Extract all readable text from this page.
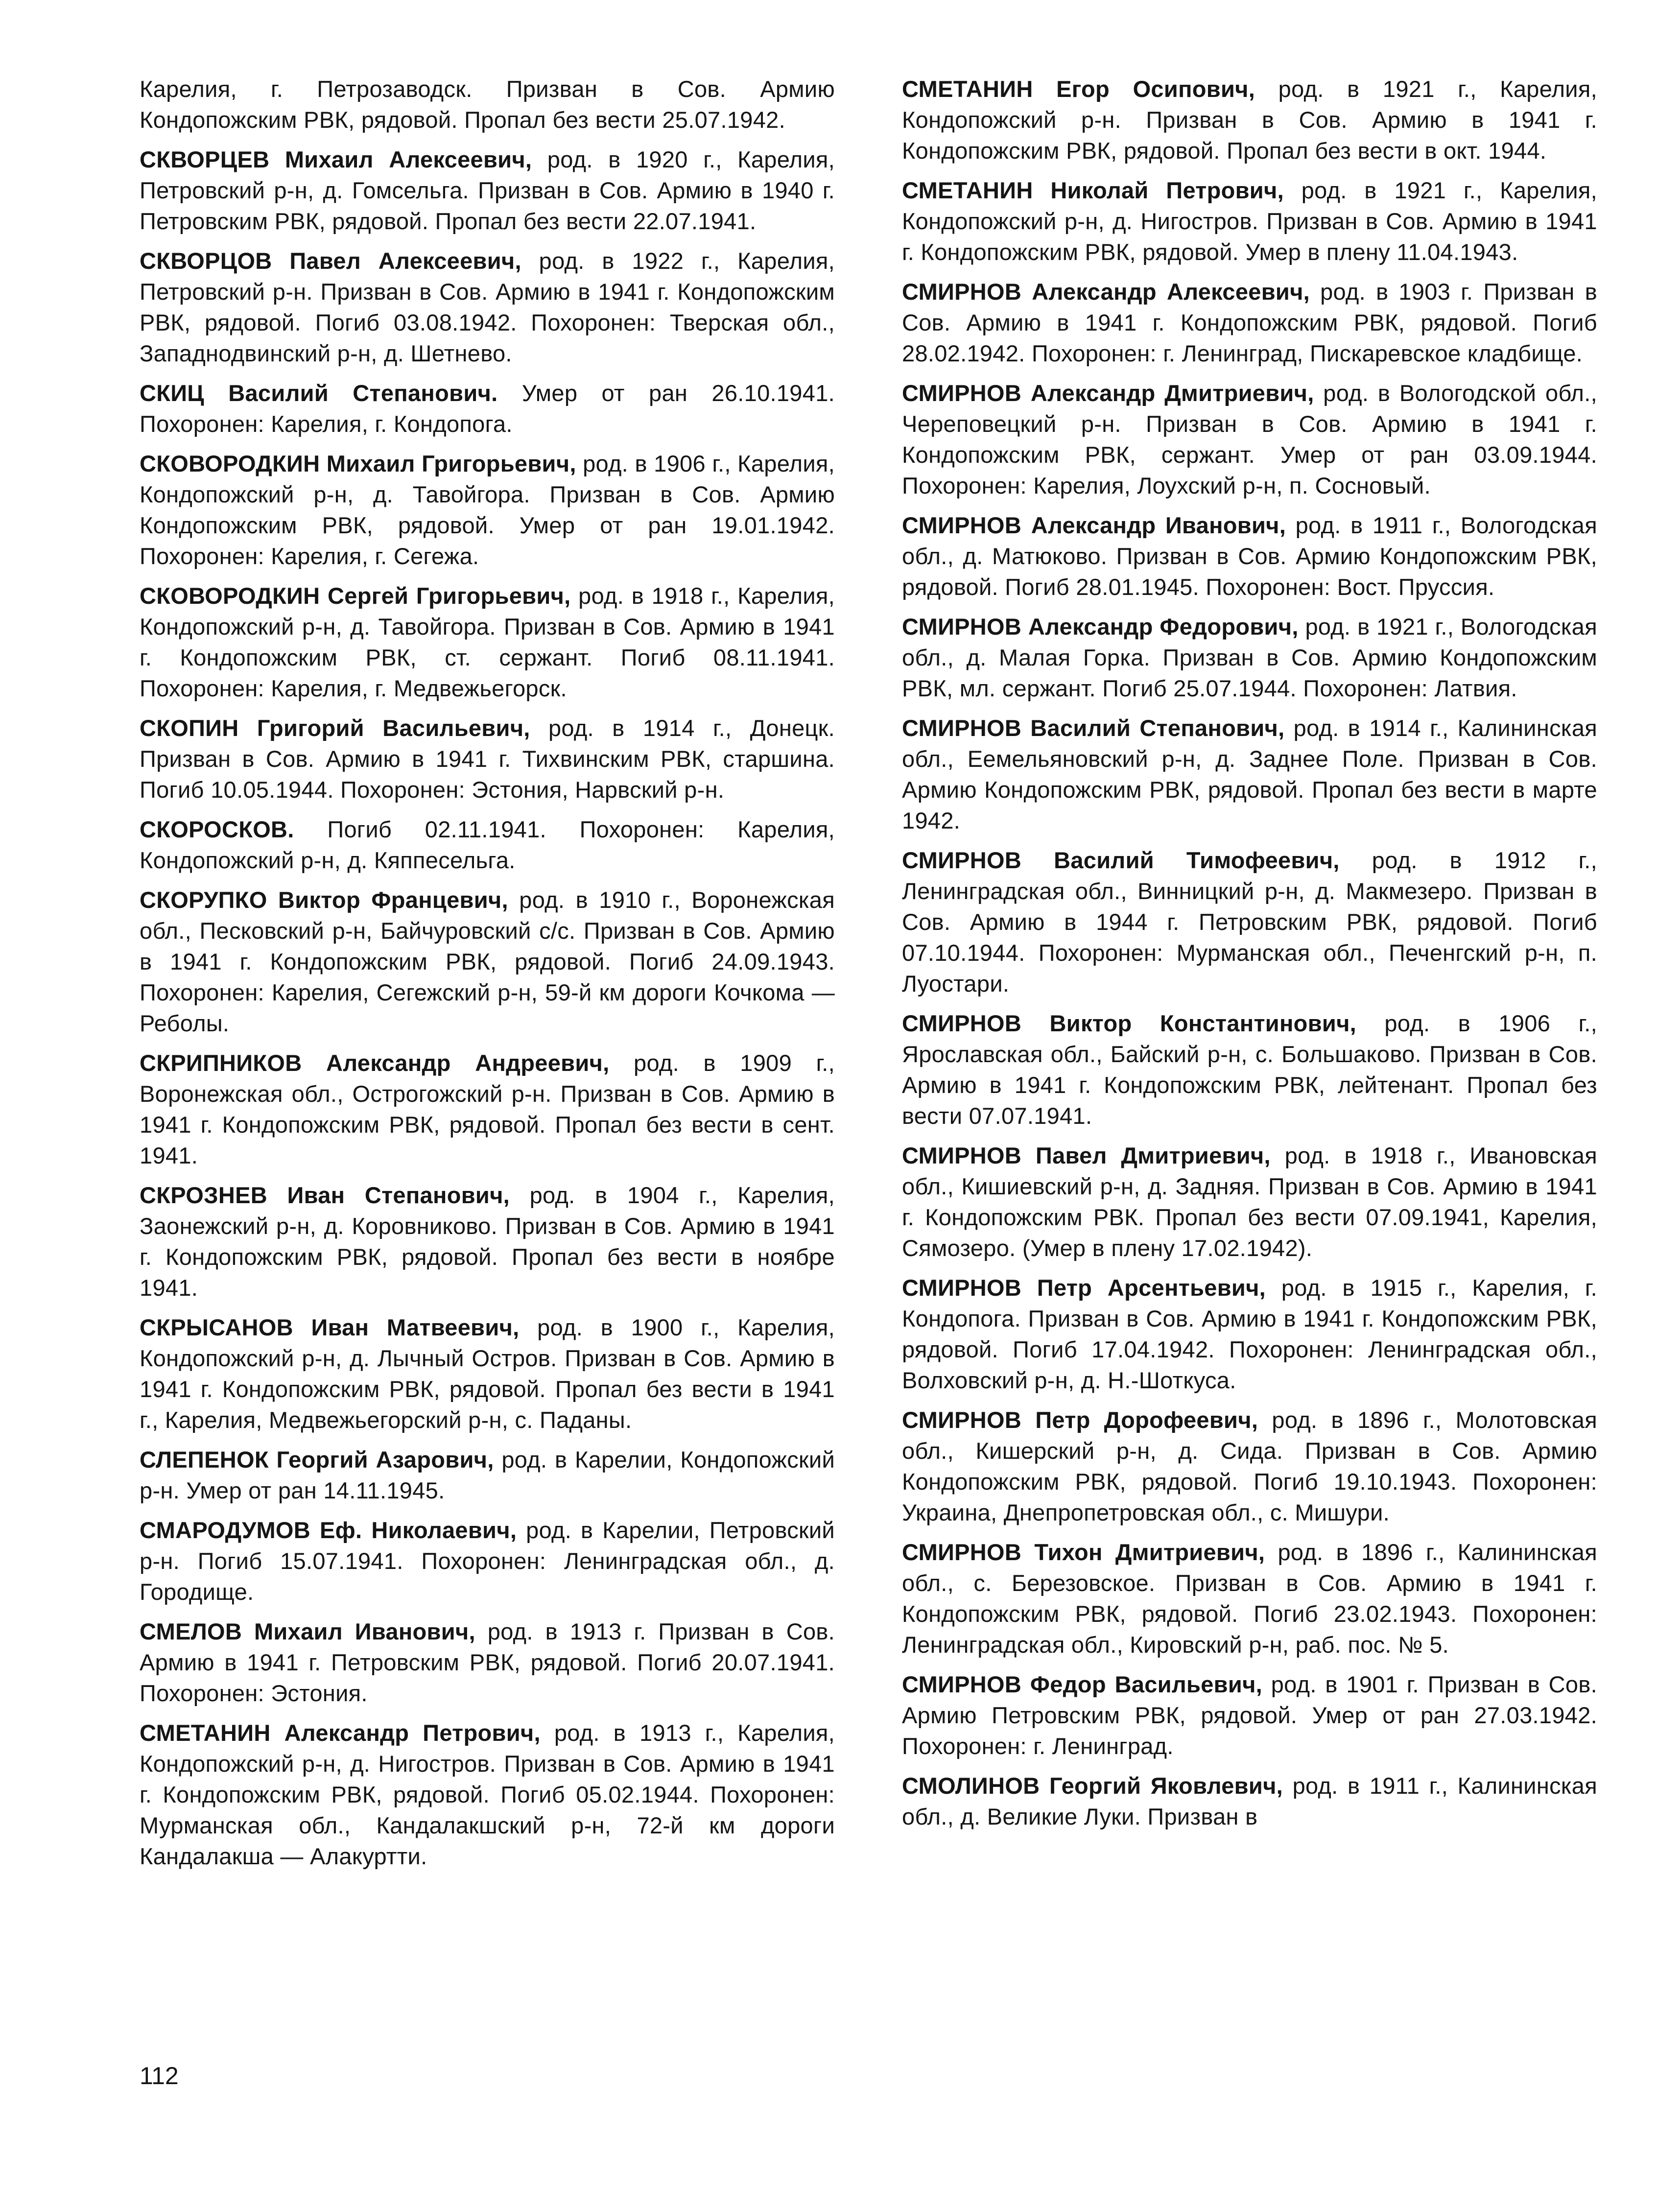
Карелия, г. Петрозаводск. Призван в Сов. Армию Кондопожским РВК, рядовой. Пропал без вести 25.07.1942.

СКВОРЦЕВ Михаил Алексеевич, род. в 1920 г., Карелия, Петровский р-н, д. Гомсельга. Призван в Сов. Армию в 1940 г. Петровским РВК, рядовой. Пропал без вести 22.07.1941.

СКВОРЦОВ Павел Алексеевич, род. в 1922 г., Карелия, Петровский р-н. Призван в Сов. Армию в 1941 г. Кондопожским РВК, рядовой. Погиб 03.08.1942. Похоронен: Тверская обл., Западнодвинский р-н, д. Шетнево.

СКИЦ Василий Степанович. Умер от ран 26.10.1941. Похоронен: Карелия, г. Кондопога.

СКОВОРОДКИН Михаил Григорьевич, род. в 1906 г., Карелия, Кондопожский р-н, д. Тавойгора. Призван в Сов. Армию Кондопожским РВК, рядовой. Умер от ран 19.01.1942. Похоронен: Карелия, г. Сегежа.

СКОВОРОДКИН Сергей Григорьевич, род. в 1918 г., Карелия, Кондопожский р-н, д. Тавойгора. Призван в Сов. Армию в 1941 г. Кондопожским РВК, ст. сержант. Погиб 08.11.1941. Похоронен: Карелия, г. Медвежьегорск.

СКОПИН Григорий Васильевич, род. в 1914 г., Донецк. Призван в Сов. Армию в 1941 г. Тихвинским РВК, старшина. Погиб 10.05.1944. Похоронен: Эстония, Нарвский р-н.

СКОРОСКОВ. Погиб 02.11.1941. Похоронен: Карелия, Кондопожский р-н, д. Кяппесельга.

СКОРУПКО Виктор Францевич, род. в 1910 г., Воронежская обл., Песковский р-н, Байчуровский с/с. Призван в Сов. Армию в 1941 г. Кондопожским РВК, рядовой. Погиб 24.09.1943. Похоронен: Карелия, Сегежский р-н, 59-й км дороги Кочкома — Реболы.

СКРИПНИКОВ Александр Андреевич, род. в 1909 г., Воронежская обл., Острогожский р-н. Призван в Сов. Армию в 1941 г. Кондопожским РВК, рядовой. Пропал без вести в сент. 1941.

СКРОЗНЕВ Иван Степанович, род. в 1904 г., Карелия, Заонежский р-н, д. Коровниково. Призван в Сов. Армию в 1941 г. Кондопожским РВК, рядовой. Пропал без вести в ноябре 1941.

СКРЫСАНОВ Иван Матвеевич, род. в 1900 г., Карелия, Кондопожский р-н, д. Лычный Остров. Призван в Сов. Армию в 1941 г. Кондопожским РВК, рядовой. Пропал без вести в 1941 г., Карелия, Медвежьегорский р-н, с. Паданы.

СЛЕПЕНОК Георгий Азарович, род. в Карелии, Кондопожский р-н. Умер от ран 14.11.1945.

СМАРОДУМОВ Еф. Николаевич, род. в Карелии, Петровский р-н. Погиб 15.07.1941. Похоронен: Ленинградская обл., д. Городище.

СМЕЛОВ Михаил Иванович, род. в 1913 г. Призван в Сов. Армию в 1941 г. Петровским РВК, рядовой. Погиб 20.07.1941. Похоронен: Эстония.

СМЕТАНИН Александр Петрович, род. в 1913 г., Карелия, Кондопожский р-н, д. Нигостров. Призван в Сов. Армию в 1941 г. Кондопожским РВК, рядовой. Погиб 05.02.1944. Похоронен: Мурманская обл., Кандалакшский р-н, 72-й км дороги Кандалакша — Алакуртти.

СМЕТАНИН Егор Осипович, род. в 1921 г., Карелия, Кондопожский р-н. Призван в Сов. Армию в 1941 г. Кондопожским РВК, рядовой. Пропал без вести в окт. 1944.

СМЕТАНИН Николай Петрович, род. в 1921 г., Карелия, Кондопожский р-н, д. Нигостров. Призван в Сов. Армию в 1941 г. Кондопожским РВК, рядовой. Умер в плену 11.04.1943.

СМИРНОВ Александр Алексеевич, род. в 1903 г. Призван в Сов. Армию в 1941 г. Кондопожским РВК, рядовой. Погиб 28.02.1942. Похоронен: г. Ленинград, Пискаревское кладбище.

СМИРНОВ Александр Дмитриевич, род. в Вологодской обл., Череповецкий р-н. Призван в Сов. Армию в 1941 г. Кондопожским РВК, сержант. Умер от ран 03.09.1944. Похоронен: Карелия, Лоухский р-н, п. Сосновый.

СМИРНОВ Александр Иванович, род. в 1911 г., Вологодская обл., д. Матюково. Призван в Сов. Армию Кондопожским РВК, рядовой. Погиб 28.01.1945. Похоронен: Вост. Пруссия.

СМИРНОВ Александр Федорович, род. в 1921 г., Вологодская обл., д. Малая Горка. Призван в Сов. Армию Кондопожским РВК, мл. сержант. Погиб 25.07.1944. Похоронен: Латвия.

СМИРНОВ Василий Степанович, род. в 1914 г., Калининская обл., Еемельяновский р-н, д. Заднее Поле. Призван в Сов. Армию Кондопожским РВК, рядовой. Пропал без вести в марте 1942.

СМИРНОВ Василий Тимофеевич, род. в 1912 г., Ленинградская обл., Винницкий р-н, д. Макмезеро. Призван в Сов. Армию в 1944 г. Петровским РВК, рядовой. Погиб 07.10.1944. Похоронен: Мурманская обл., Печенгский р-н, п. Луостари.

СМИРНОВ Виктор Константинович, род. в 1906 г., Ярославская обл., Байский р-н, с. Большаково. Призван в Сов. Армию в 1941 г. Кондопожским РВК, лейтенант. Пропал без вести 07.07.1941.

СМИРНОВ Павел Дмитриевич, род. в 1918 г., Ивановская обл., Кишиевский р-н, д. Задняя. Призван в Сов. Армию в 1941 г. Кондопожским РВК. Пропал без вести 07.09.1941, Карелия, Сямозеро. (Умер в плену 17.02.1942).

СМИРНОВ Петр Арсентьевич, род. в 1915 г., Карелия, г. Кондопога. Призван в Сов. Армию в 1941 г. Кондопожским РВК, рядовой. Погиб 17.04.1942. Похоронен: Ленинградская обл., Волховский р-н, д. Н.-Шоткуса.

СМИРНОВ Петр Дорофеевич, род. в 1896 г., Молотовская обл., Кишерский р-н, д. Сида. Призван в Сов. Армию Кондопожским РВК, рядовой. Погиб 19.10.1943. Похоронен: Украина, Днепропетровская обл., с. Мишури.

СМИРНОВ Тихон Дмитриевич, род. в 1896 г., Калининская обл., с. Березовское. Призван в Сов. Армию в 1941 г. Кондопожским РВК, рядовой. Погиб 23.02.1943. Похоронен: Ленинградская обл., Кировский р-н, раб. пос. № 5.

СМИРНОВ Федор Васильевич, род. в 1901 г. Призван в Сов. Армию Петровским РВК, рядовой. Умер от ран 27.03.1942. Похоронен: г. Ленинград.

СМОЛИНОВ Георгий Яковлевич, род. в 1911 г., Калининская обл., д. Великие Луки. Призван в

112
